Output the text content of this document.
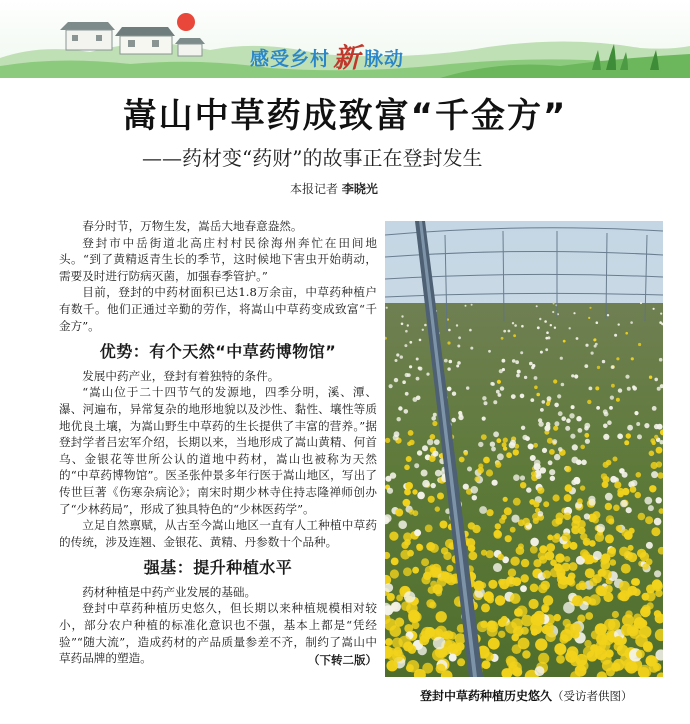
感受乡村 新 脉动
嵩山中草药成致富“千金方”
——药材变“药财”的故事正在登封发生
本报记者 李晓光

春分时节，万物生发，嵩岳大地春意盎然。

登封市中岳街道北高庄村村民徐海州奔忙在田间地头。“到了黄精返青生长的季节，这时候地下害虫开始萌动，需要及时进行防病灭菌，加强春季管护。”

目前，登封的中药材面积已达1.8万余亩，中草药种植户有数千。他们正通过辛勤的劳作，将嵩山中草药变成致富“千金方”。

优势：有个天然“中草药博物馆”

发展中药产业，登封有着独特的条件。

“嵩山位于二十四节气的发源地，四季分明，溪、潭、瀑、河遍布，异常复杂的地形地貌以及沙性、黏性、壤性等质地优良土壤，为嵩山野生中草药的生长提供了丰富的营养。”据登封学者吕宏军介绍，长期以来，当地形成了嵩山黄精、何首乌、金银花等世所公认的道地中药材，嵩山也被称为天然的“中草药博物馆”。医圣张仲景多年行医于嵩山地区，写出了传世巨著《伤寒杂病论》；南宋时期少林寺住持志隆禅师创办了“少林药局”，形成了独具特色的“少林医药学”。

立足自然禀赋，从古至今嵩山地区一直有人工种植中草药的传统，涉及连翘、金银花、黄精、丹参数十个品种。

强基：提升种植水平

药材种植是中药产业发展的基础。

登封中草药种植历史悠久，但长期以来种植规模相对较小，部分农户种植的标准化意识也不强，基本上都是“凭经验”“随大流”，造成药材的产品质量参差不齐，制约了嵩山中草药品牌的塑造。	（下转二版）
登封中草药种植历史悠久（受访者供图）
